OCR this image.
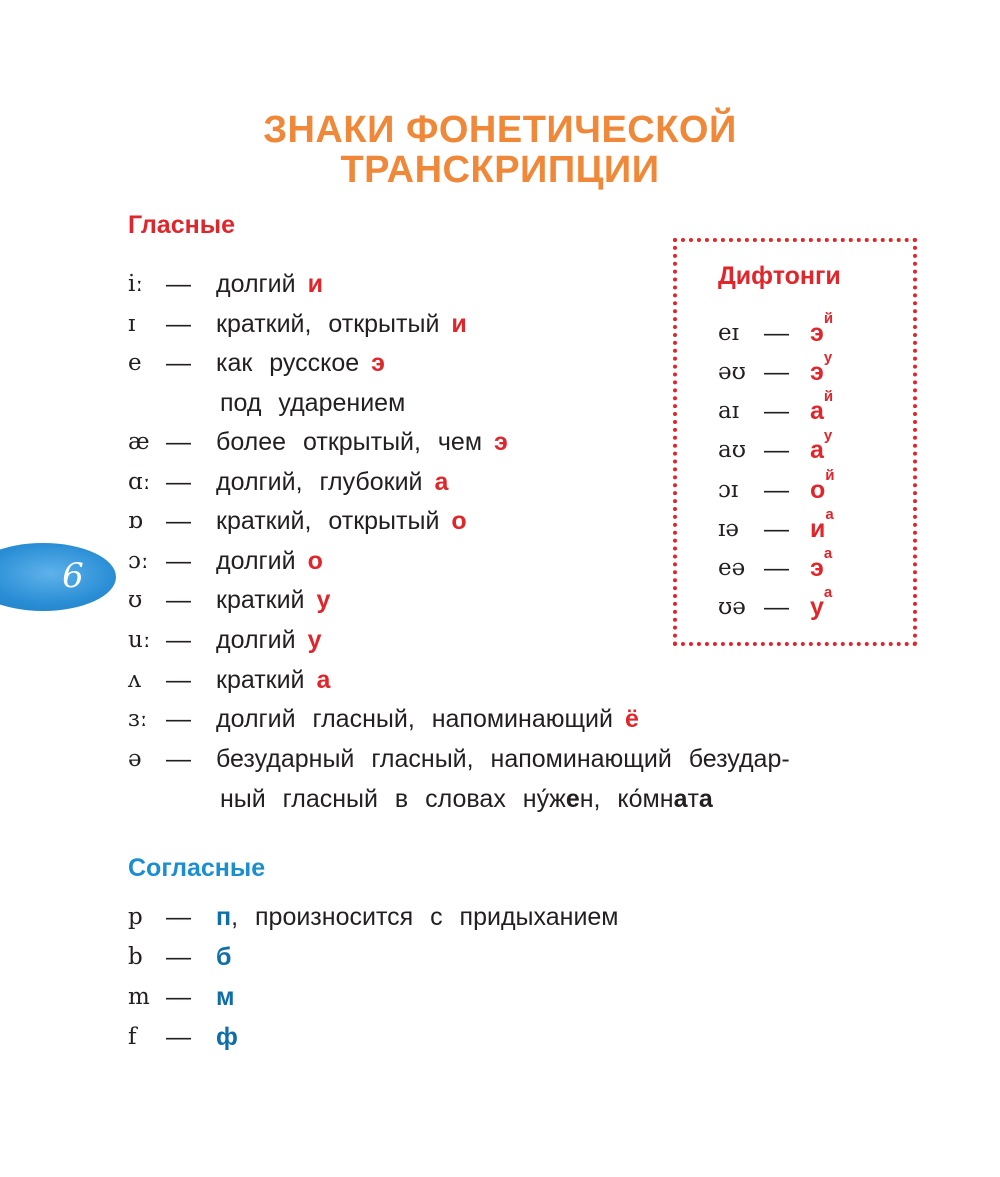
ЗНАКИ ФОНЕТИЧЕСКОЙ
ТРАНСКРИПЦИИ
6
Гласные
iː — долгий и
ɪ — краткий, открытый и
e — как русское э
под ударением
æ — более открытый, чем э
ɑː — долгий, глубокий а
ɒ — краткий, открытый о
ɔː — долгий о
ʊ — краткий у
uː — долгий у
ʌ — краткий а
ɜː — долгий гласный, напоминающий ё
ə — безударный гласный, напоминающий безудар-
ный гласный в словах ну́жен, ко́мната
Дифтонги
eɪ — $э^й$
əʊ — $э^у$
aɪ — $а^й$
aʊ — $а^у$
ɔɪ — $о^й$
ɪə — $и^а$
eə — $э^а$
ʊə — $у^а$
Согласные
p — п, произносится с придыханием
b — б
m — м
f — ф
